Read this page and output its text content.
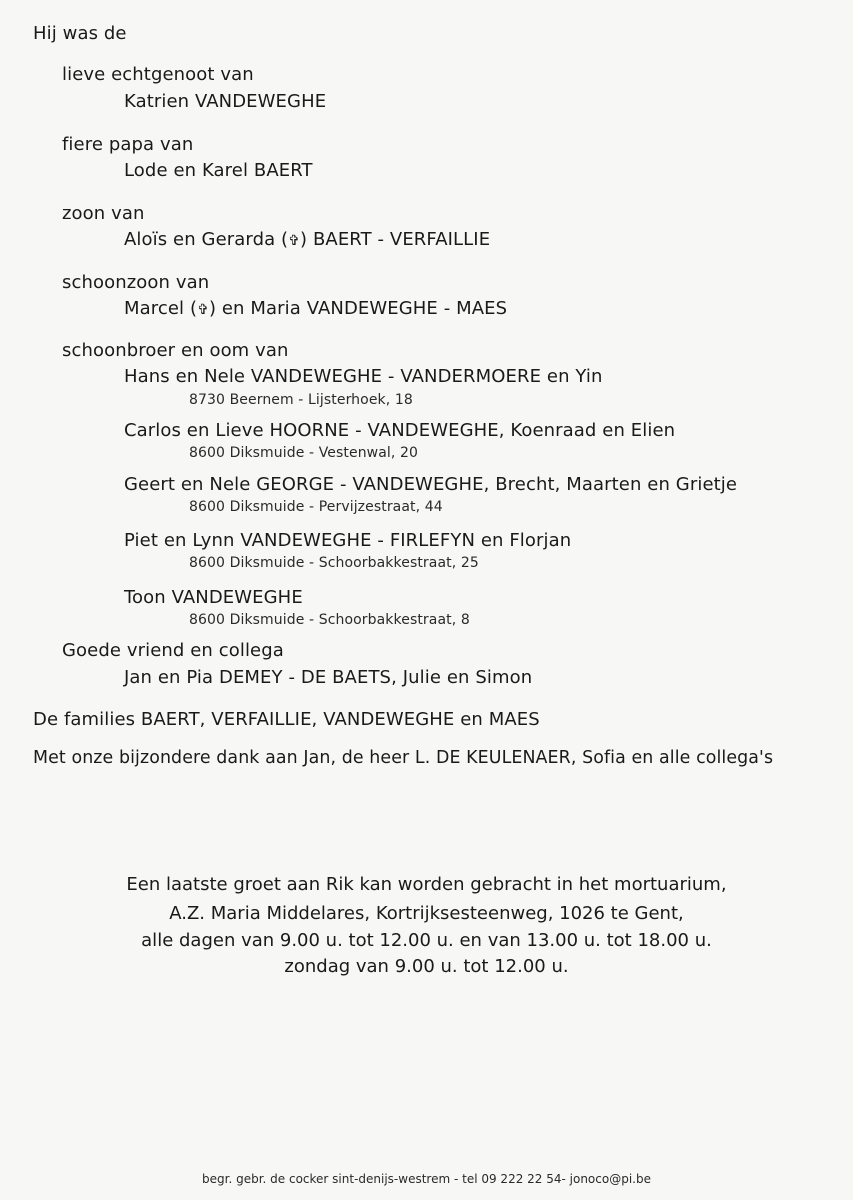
Hij was de
lieve echtgenoot van
Katrien VANDEWEGHE
fiere papa van
Lode en Karel BAERT
zoon van
Aloïs en Gerarda (✞) BAERT - VERFAILLIE
schoonzoon van
Marcel (✞) en Maria VANDEWEGHE - MAES
schoonbroer en oom van
Hans en Nele VANDEWEGHE - VANDERMOERE en Yin
8730 Beernem - Lijsterhoek, 18
Carlos en Lieve HOORNE - VANDEWEGHE, Koenraad en Elien
8600 Diksmuide - Vestenwal, 20
Geert en Nele GEORGE - VANDEWEGHE, Brecht, Maarten en Grietje
8600 Diksmuide - Pervijzestraat, 44
Piet en Lynn VANDEWEGHE - FIRLEFYN en Florjan
8600 Diksmuide - Schoorbakkestraat, 25
Toon VANDEWEGHE
8600 Diksmuide - Schoorbakkestraat, 8
Goede vriend en collega
Jan en Pia DEMEY - DE BAETS, Julie en Simon
De families BAERT, VERFAILLIE, VANDEWEGHE en MAES
Met onze bijzondere dank aan Jan, de heer L. DE KEULENAER, Sofia en alle collega's
Een laatste groet aan Rik kan worden gebracht in het mortuarium,
A.Z. Maria Middelares, Kortrijksesteenweg, 1026 te Gent,
alle dagen van 9.00 u. tot 12.00 u. en van 13.00 u. tot 18.00 u.
zondag van 9.00 u. tot 12.00 u.
begr. gebr. de cocker sint-denijs-westrem - tel 09 222 22 54- jonoco@pi.be
